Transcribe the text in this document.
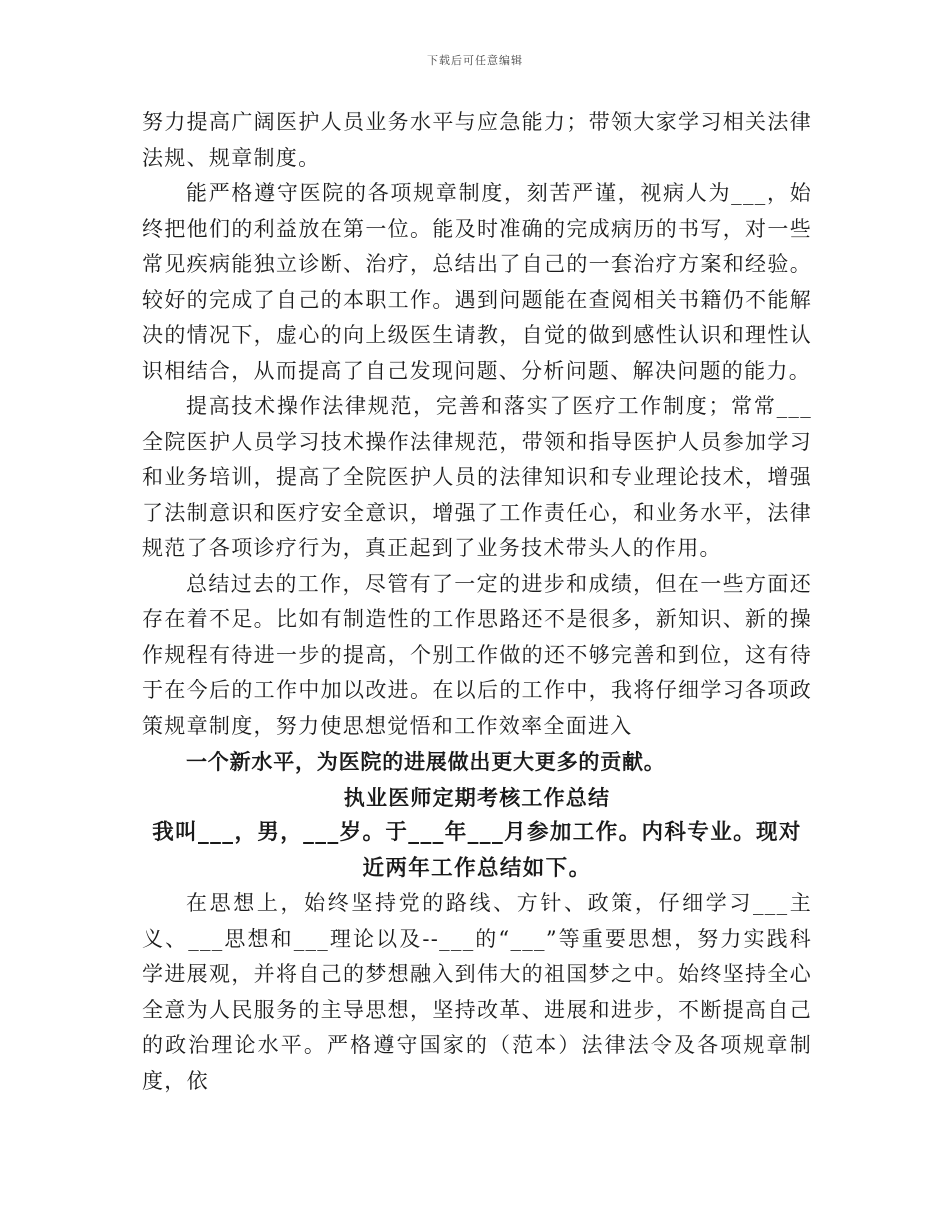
下载后可任意编辑

努力提高广阔医护人员业务水平与应急能力；带领大家学习相关法律法规、规章制度。

能严格遵守医院的各项规章制度，刻苦严谨，视病人为___，始终把他们的利益放在第一位。能及时准确的完成病历的书写，对一些常见疾病能独立诊断、治疗，总结出了自己的一套治疗方案和经验。较好的完成了自己的本职工作。遇到问题能在查阅相关书籍仍不能解决的情况下，虚心的向上级医生请教，自觉的做到感性认识和理性认识相结合，从而提高了自己发现问题、分析问题、解决问题的能力。

提高技术操作法律规范，完善和落实了医疗工作制度；常常___全院医护人员学习技术操作法律规范，带领和指导医护人员参加学习和业务培训，提高了全院医护人员的法律知识和专业理论技术，增强了法制意识和医疗安全意识，增强了工作责任心，和业务水平，法律规范了各项诊疗行为，真正起到了业务技术带头人的作用。

总结过去的工作，尽管有了一定的进步和成绩，但在一些方面还存在着不足。比如有制造性的工作思路还不是很多，新知识、新的操作规程有待进一步的提高，个别工作做的还不够完善和到位，这有待于在今后的工作中加以改进。在以后的工作中，我将仔细学习各项政策规章制度，努力使思想觉悟和工作效率全面进入

一个新水平，为医院的进展做出更大更多的贡献。

执业医师定期考核工作总结

我叫___，男，___岁。于___年___月参加工作。内科专业。现对近两年工作总结如下。

在思想上，始终坚持党的路线、方针、政策，仔细学习___主义、___思想和___理论以及--___的“___”等重要思想，努力实践科学进展观，并将自己的梦想融入到伟大的祖国梦之中。始终坚持全心全意为人民服务的主导思想，坚持改革、进展和进步，不断提高自己的政治理论水平。严格遵守国家的（范本）法律法令及各项规章制度，依
